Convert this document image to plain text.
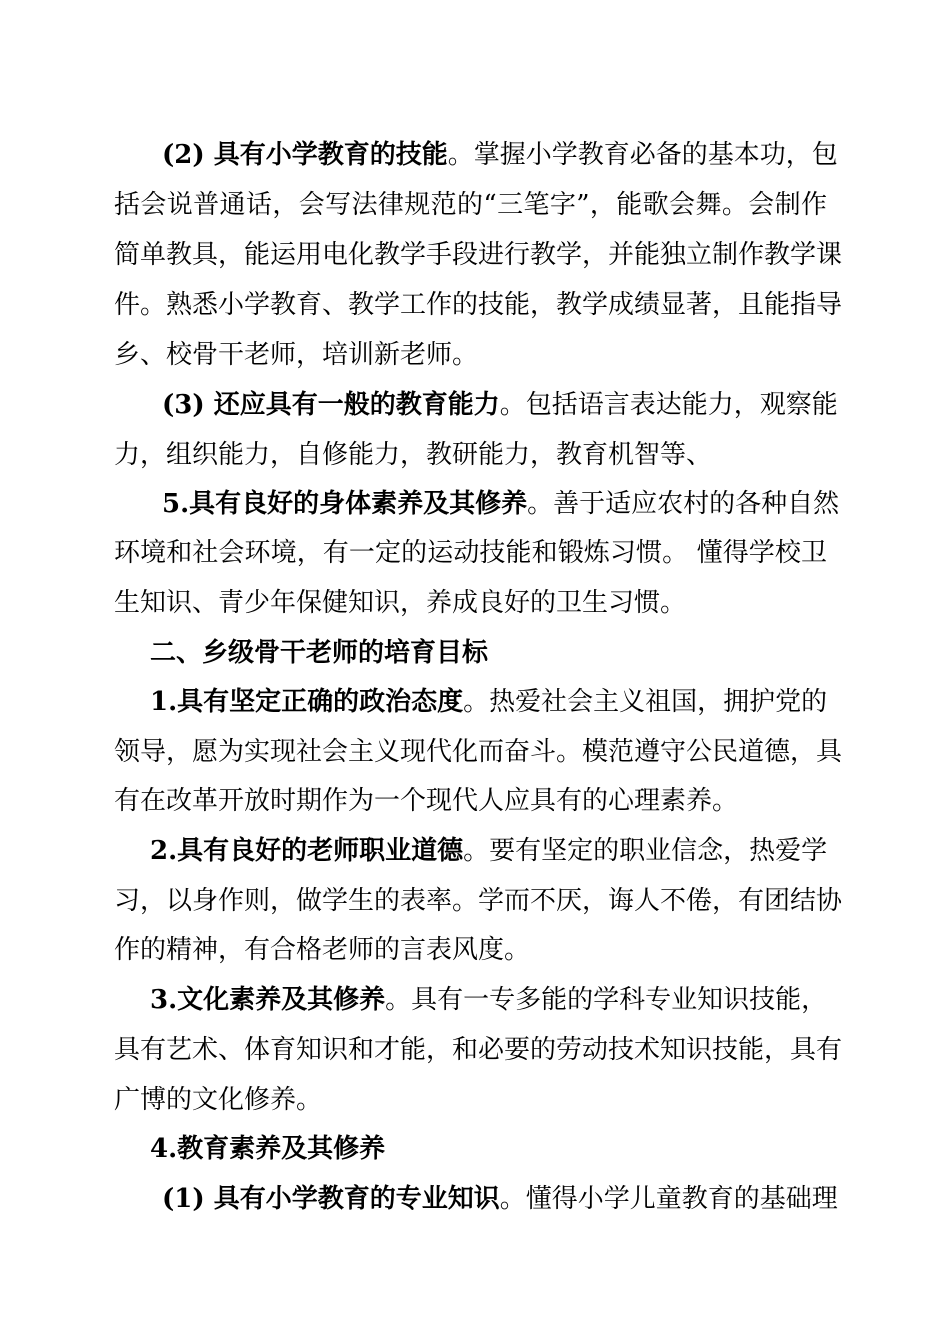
(2) 具有小学教育的技能。掌握小学教育必备的基本功，包
括会说普通话，会写法律规范的“三笔字”，能歌会舞。会制作
简单教具，能运用电化教学手段进行教学，并能独立制作教学课
件。熟悉小学教育、教学工作的技能，教学成绩显著，且能指导
乡、校骨干老师，培训新老师。
(3) 还应具有一般的教育能力。包括语言表达能力，观察能
力，组织能力，自修能力，教研能力，教育机智等、
5.具有良好的身体素养及其修养。善于适应农村的各种自然
环境和社会环境，有一定的运动技能和锻炼习惯。 懂得学校卫
生知识、青少年保健知识，养成良好的卫生习惯。
二、乡级骨干老师的培育目标
1.具有坚定正确的政治态度。热爱社会主义祖国，拥护党的
领导，愿为实现社会主义现代化而奋斗。模范遵守公民道德，具
有在改革开放时期作为一个现代人应具有的心理素养。
2.具有良好的老师职业道德。要有坚定的职业信念，热爱学
习，以身作则，做学生的表率。学而不厌，诲人不倦，有团结协
作的精神，有合格老师的言表风度。
3.文化素养及其修养。具有一专多能的学科专业知识技能，
具有艺术、体育知识和才能，和必要的劳动技术知识技能，具有
广博的文化修养。
4.教育素养及其修养
(1) 具有小学教育的专业知识。懂得小学儿童教育的基础理
